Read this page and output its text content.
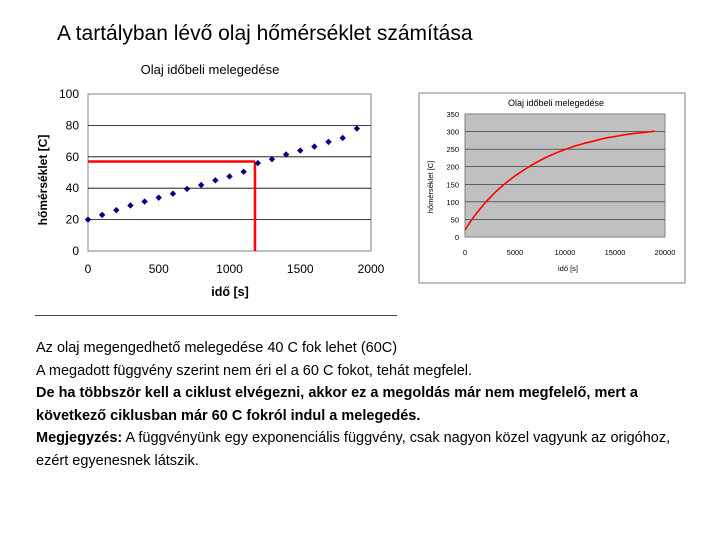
A tartályban lévő olaj hőmérséklet számítása
Olaj időbeli melegedése
0
20
40
60
80
100
0	500	1000	1500	2000
idő [s]
hőmérséklet [C]
Olaj időbeli melegedése
0
50
100
150
200
250
300
350
0	5000	10000	15000	20000
idő [s]
hőmérséklet [C]

Az olaj megengedhető melegedése 40 C fok lehet (60C)

A megadott függvény szerint nem éri el a 60 C fokot, tehát megfelel.

De ha többször kell a ciklust elvégezni, akkor ez a megoldás már nem megfelelő, mert a következő ciklusban már 60 C fokról indul a melegedés.

Megjegyzés: A függvényünk egy exponenciális függvény, csak nagyon közel vagyunk az origóhoz, ezért egyenesnek látszik.
